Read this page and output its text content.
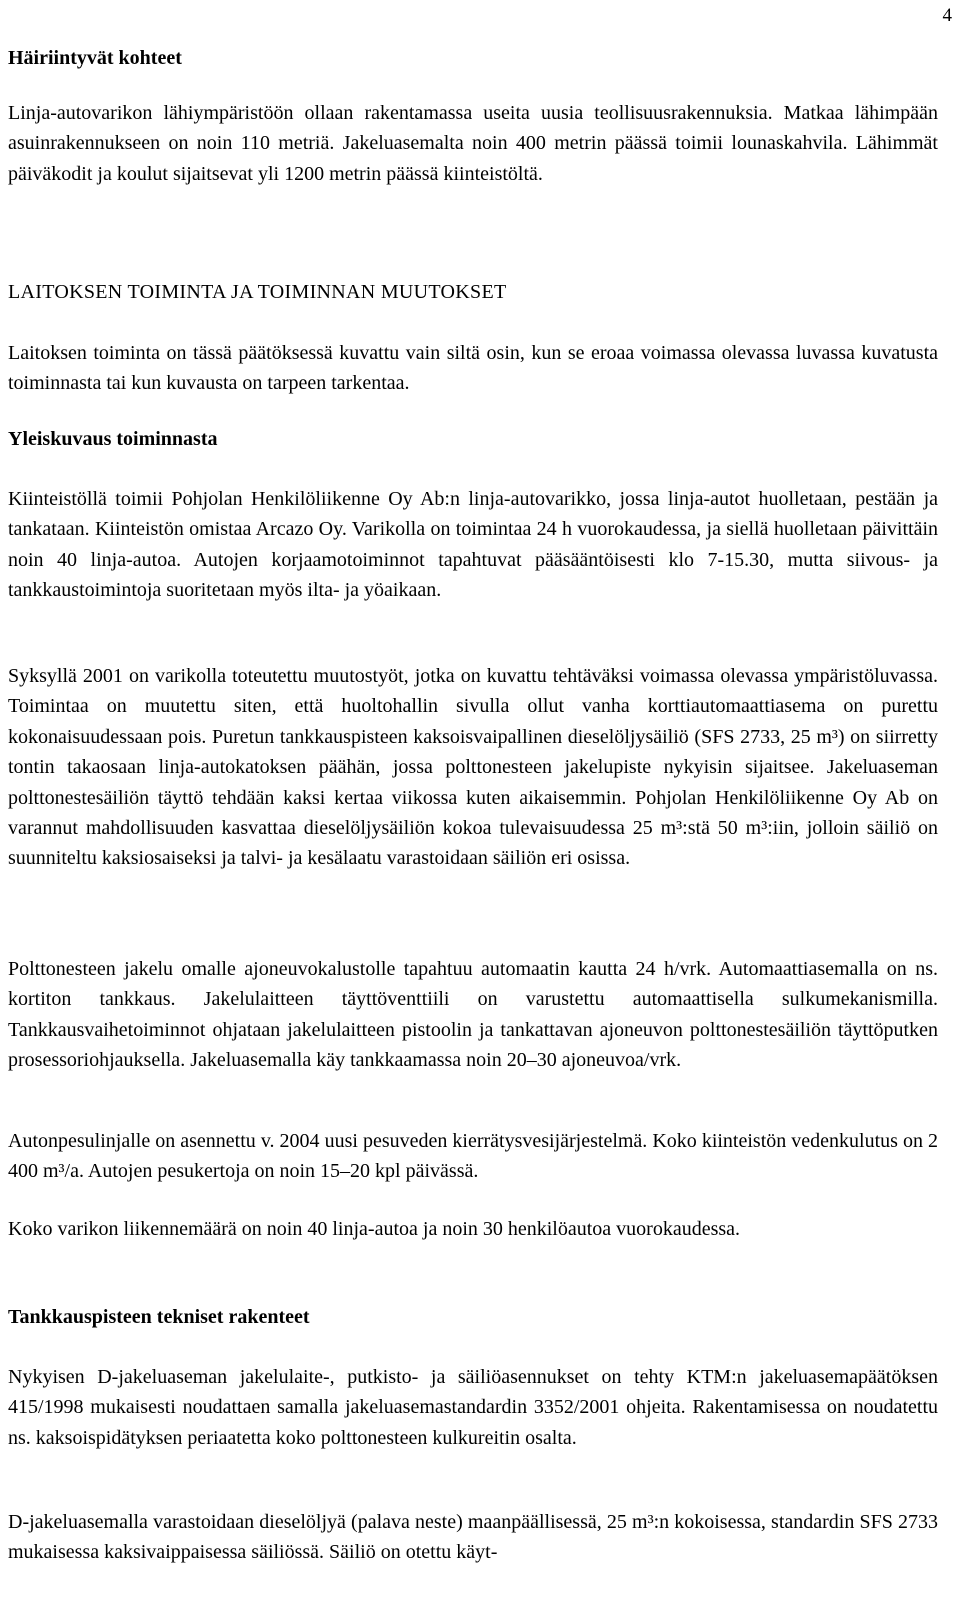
4
Häiriintyvät kohteet

Linja-autovarikon lähiympäristöön ollaan rakentamassa useita uusia teollisuusrakennuksia. Matkaa lähimpään asuinrakennukseen on noin 110 metriä. Jakeluasemalta noin 400 metrin päässä toimii lounaskahvila. Lähimmät päiväkodit ja koulut sijaitsevat yli 1200 metrin päässä kiinteistöltä.

LAITOKSEN TOIMINTA JA TOIMINNAN MUUTOKSET

Laitoksen toiminta on tässä päätöksessä kuvattu vain siltä osin, kun se eroaa voimassa olevassa luvassa kuvatusta toiminnasta tai kun kuvausta on tarpeen tarkentaa.

Yleiskuvaus toiminnasta

Kiinteistöllä toimii Pohjolan Henkilöliikenne Oy Ab:n linja-autovarikko, jossa linja-autot huolletaan, pestään ja tankataan. Kiinteistön omistaa Arcazo Oy. Varikolla on toimintaa 24 h vuorokaudessa, ja siellä huolletaan päivittäin noin 40 linja-autoa. Autojen korjaamotoiminnot tapahtuvat pääsääntöisesti klo 7-15.30, mutta siivous- ja tankkaustoimintoja suoritetaan myös ilta- ja yöaikaan.

Syksyllä 2001 on varikolla toteutettu muutostyöt, jotka on kuvattu tehtäväksi voimassa olevassa ympäristöluvassa. Toimintaa on muutettu siten, että huoltohallin sivulla ollut vanha korttiautomaattiasema on purettu kokonaisuudessaan pois. Puretun tankkauspisteen kaksoisvaipallinen dieselöljysäiliö (SFS 2733, 25 m³) on siirretty tontin takaosaan linja-autokatoksen päähän, jossa polttonesteen jakelupiste nykyisin sijaitsee. Jakeluaseman polttonestesäiliön täyttö tehdään kaksi kertaa viikossa kuten aikaisemmin. Pohjolan Henkilöliikenne Oy Ab on varannut mahdollisuuden kasvattaa dieselöljysäiliön kokoa tulevaisuudessa 25 m³:stä 50 m³:iin, jolloin säiliö on suunniteltu kaksiosaiseksi ja talvi- ja kesälaatu varastoidaan säiliön eri osissa.

Polttonesteen jakelu omalle ajoneuvokalustolle tapahtuu automaatin kautta 24 h/vrk. Automaattiasemalla on ns. kortiton tankkaus. Jakelulaitteen täyttöventtiili on varustettu automaattisella sulkumekanismilla. Tankkausvaihetoiminnot ohjataan jakelulaitteen pistoolin ja tankattavan ajoneuvon polttonestesäiliön täyttöputken prosessoriohjauksella. Jakeluasemalla käy tankkaamassa noin 20–30 ajoneuvoa/vrk.

Autonpesulinjalle on asennettu v. 2004 uusi pesuveden kierrätysvesijärjestelmä. Koko kiinteistön vedenkulutus on 2 400 m³/a. Autojen pesukertoja on noin 15–20 kpl päivässä.

Koko varikon liikennemäärä on noin 40 linja-autoa ja noin 30 henkilöautoa vuorokaudessa.

Tankkauspisteen tekniset rakenteet

Nykyisen D-jakeluaseman jakelulaite-, putkisto- ja säiliöasennukset on tehty KTM:n jakeluasemapäätöksen 415/1998 mukaisesti noudattaen samalla jakeluasemastandardin 3352/2001 ohjeita. Rakentamisessa on noudatettu ns. kaksoispidätyksen periaatetta koko polttonesteen kulkureitin osalta.

D-jakeluasemalla varastoidaan dieselöljyä (palava neste) maanpäällisessä, 25 m³:n kokoisessa, standardin SFS 2733 mukaisessa kaksivaippaisessa säiliössä. Säiliö on otettu käyt-
